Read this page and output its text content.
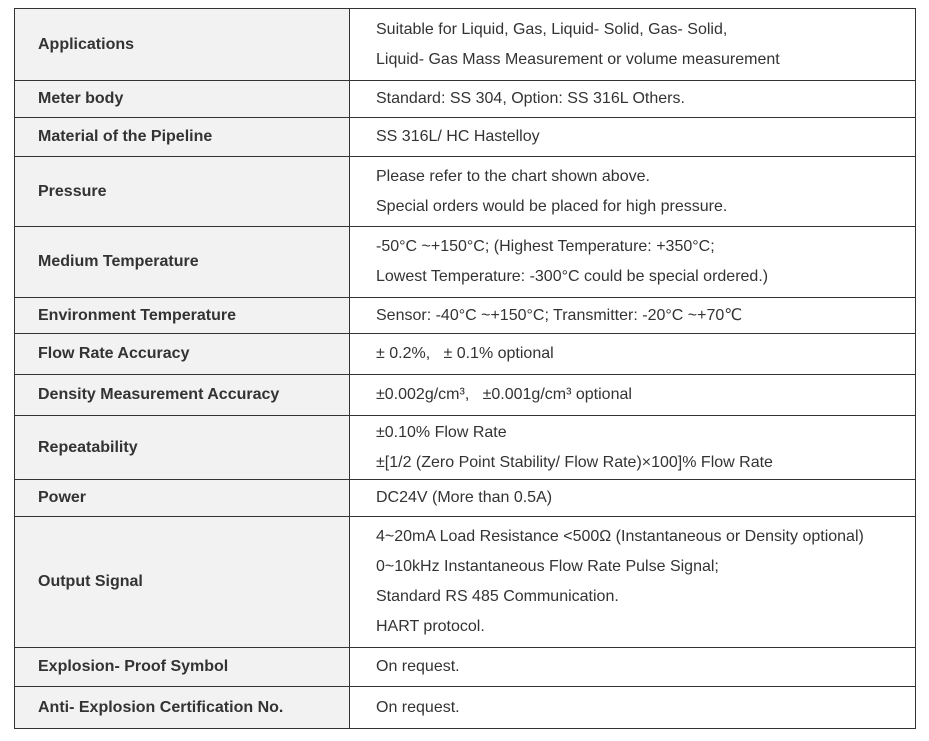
Applications	Suitable for Liquid, Gas, Liquid- Solid, Gas- Solid,
Liquid- Gas Mass Measurement or volume measurement

Meter body	Standard: SS 304, Option: SS 316L Others.

Material of the Pipeline	SS 316L/ HC Hastelloy

Pressure	Please refer to the chart shown above.
Special orders would be placed for high pressure.

Medium Temperature	-50°C ~+150°C; (Highest Temperature: +350°C;
Lowest Temperature: -300°C could be special ordered.)

Environment Temperature	Sensor: -40°C ~+150°C; Transmitter: -20°C ~+70℃

Flow Rate Accuracy	± 0.2%,   ± 0.1% optional

Density Measurement Accuracy	±0.002g/cm³,   ±0.001g/cm³ optional

Repeatability	±0.10% Flow Rate
±[1/2 (Zero Point Stability/ Flow Rate)×100]% Flow Rate

Power	DC24V (More than 0.5A)

Output Signal	4~20mA Load Resistance <500Ω (Instantaneous or Density optional)
0~10kHz Instantaneous Flow Rate Pulse Signal;
Standard RS 485 Communication.
HART protocol.

Explosion- Proof Symbol	On request.

Anti- Explosion Certification No.	On request.
